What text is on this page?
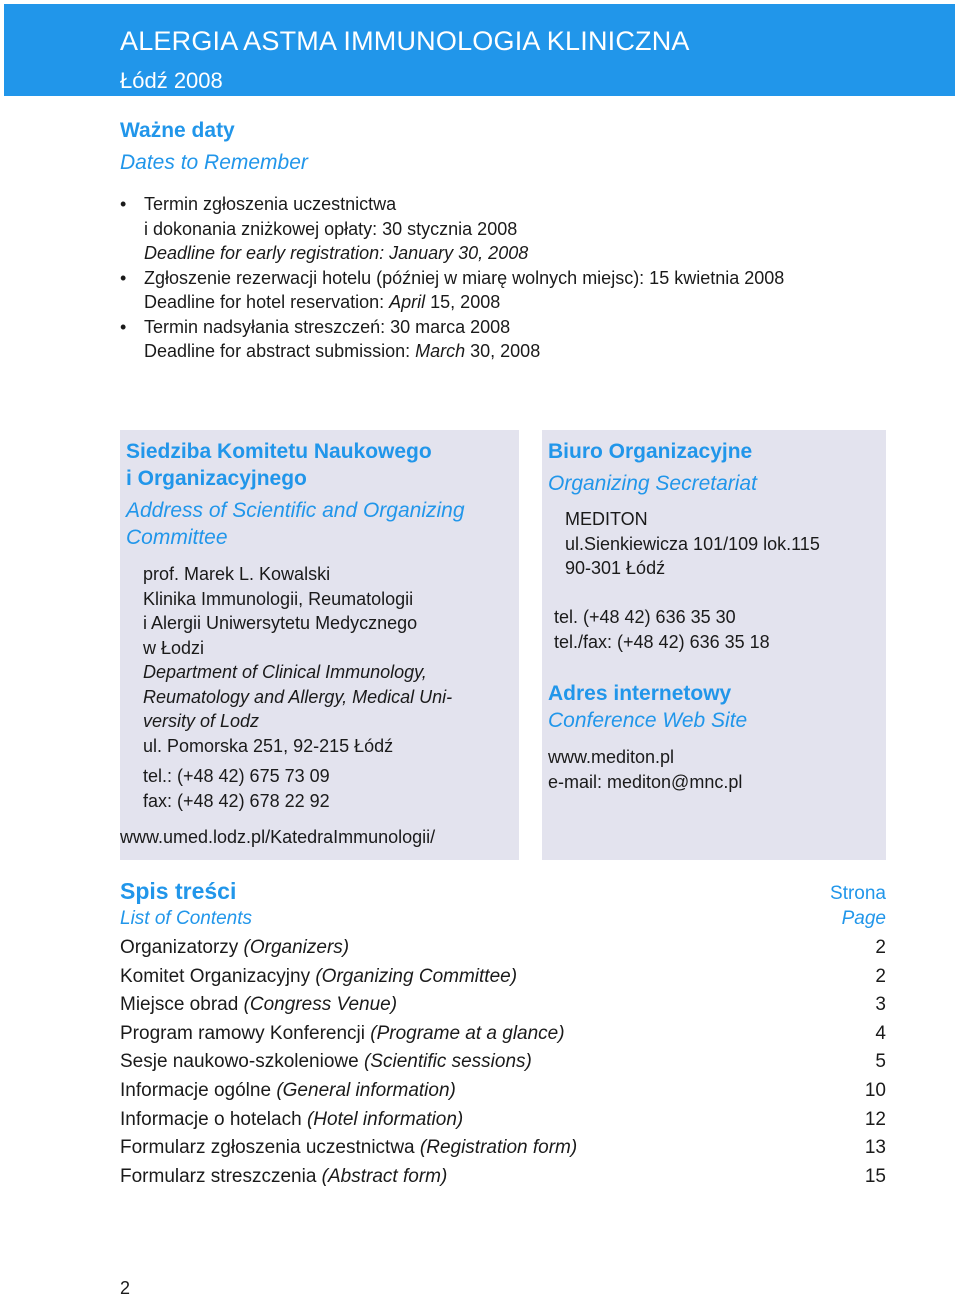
ALERGIA ASTMA IMMUNOLOGIA KLINICZNA
Łódź 2008
Ważne daty
Dates to Remember
• Termin zgłoszenia uczestnictwa
i dokonania zniżkowej opłaty: 30 stycznia 2008
Deadline for early registration: January 30, 2008
• Zgłoszenie rezerwacji hotelu (później w miarę wolnych miejsc): 15 kwietnia 2008
Deadline for hotel reservation: April 15, 2008
• Termin nadsyłania streszczeń: 30 marca 2008
Deadline for abstract submission: March 30, 2008
Siedziba Komitetu Naukowego
i Organizacyjnego
Address of Scientific and Organizing
Committee
prof. Marek L. Kowalski
Klinika Immunologii, Reumatologii
i Alergii Uniwersytetu Medycznego
w Łodzi
Department of Clinical Immunology,
Reumatology and Allergy, Medical Uni-
versity of Lodz
ul. Pomorska 251, 92-215 Łódź
tel.: (+48 42) 675 73 09
fax: (+48 42) 678 22 92
www.umed.lodz.pl/KatedraImmunologii/
Biuro Organizacyjne
Organizing Secretariat
MEDITON
ul.Sienkiewicza 101/109 lok.115
90-301 Łódź
tel. (+48 42) 636 35 30
tel./fax: (+48 42) 636 35 18
Adres internetowy
Conference Web Site
www.mediton.pl
e-mail: mediton@mnc.pl
Spis treści
List of Contents
Strona
Page
Organizatorzy (Organizers)	2
Komitet Organizacyjny (Organizing Committee)	2
Miejsce obrad (Congress Venue)	3
Program ramowy Konferencji (Programe at a glance)	4
Sesje naukowo-szkoleniowe (Scientific sessions)	5
Informacje ogólne (General information)	10
Informacje o hotelach (Hotel information)	12
Formularz zgłoszenia uczestnictwa (Registration form)	13
Formularz streszczenia (Abstract form)	15
2
